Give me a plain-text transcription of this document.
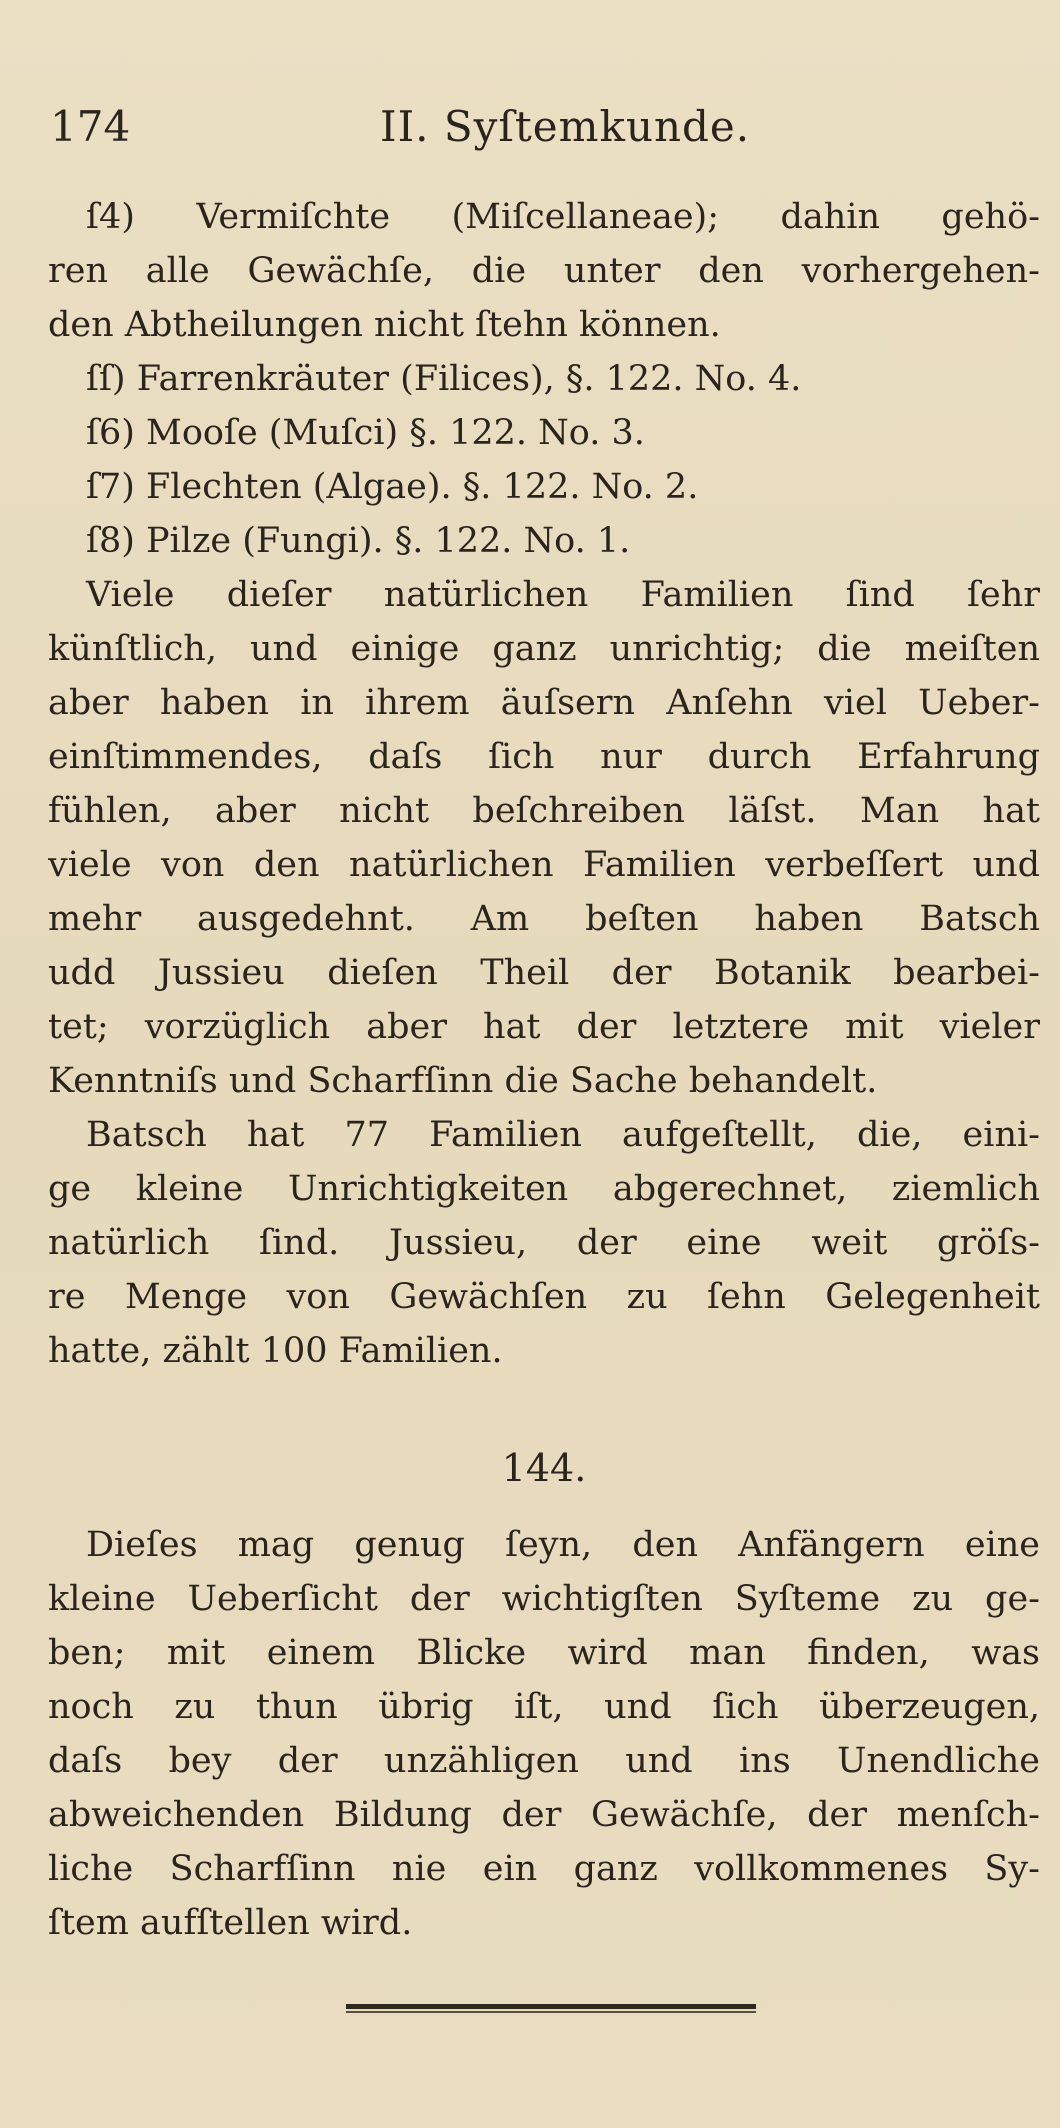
174	II. Syſtemkunde.
ſ4) Vermiſchte (Miſcellaneae); dahin gehö-
ren alle Gewächſe, die unter den vorhergehen-
den Abtheilungen nicht ſtehn können.
ſſ) Farrenkräuter (Filices), §. 122. No. 4.
ſ6) Mooſe (Muſci) §. 122. No. 3.
ſ7) Flechten (Algae). §. 122. No. 2.
ſ8) Pilze (Fungi). §. 122. No. 1.
Viele dieſer natürlichen Familien ſind ſehr
künſtlich, und einige ganz unrichtig; die meiſten
aber haben in ihrem äuſsern Anſehn viel Ueber-
einſtimmendes, daſs ſich nur durch Erfahrung
fühlen, aber nicht beſchreiben läſst. Man hat
viele von den natürlichen Familien verbeſſert und
mehr ausgedehnt. Am beſten haben Batsch
udd Jussieu dieſen Theil der Botanik bearbei-
tet; vorzüglich aber hat der letztere mit vieler
Kenntniſs und Scharfſinn die Sache behandelt.
Batsch hat 77 Familien aufgeſtellt, die, eini-
ge kleine Unrichtigkeiten abgerechnet, ziemlich
natürlich ſind. Jussieu, der eine weit gröſs-
re Menge von Gewächſen zu ſehn Gelegenheit
hatte, zählt 100 Familien.
144.
Dieſes mag genug ſeyn, den Anfängern eine
kleine Ueberſicht der wichtigſten Syſteme zu ge-
ben; mit einem Blicke wird man finden, was
noch zu thun übrig iſt, und ſich überzeugen,
daſs bey der unzähligen und ins Unendliche
abweichenden Bildung der Gewächſe, der menſch-
liche Scharfſinn nie ein ganz vollkommenes Sy-
ſtem aufſtellen wird.
